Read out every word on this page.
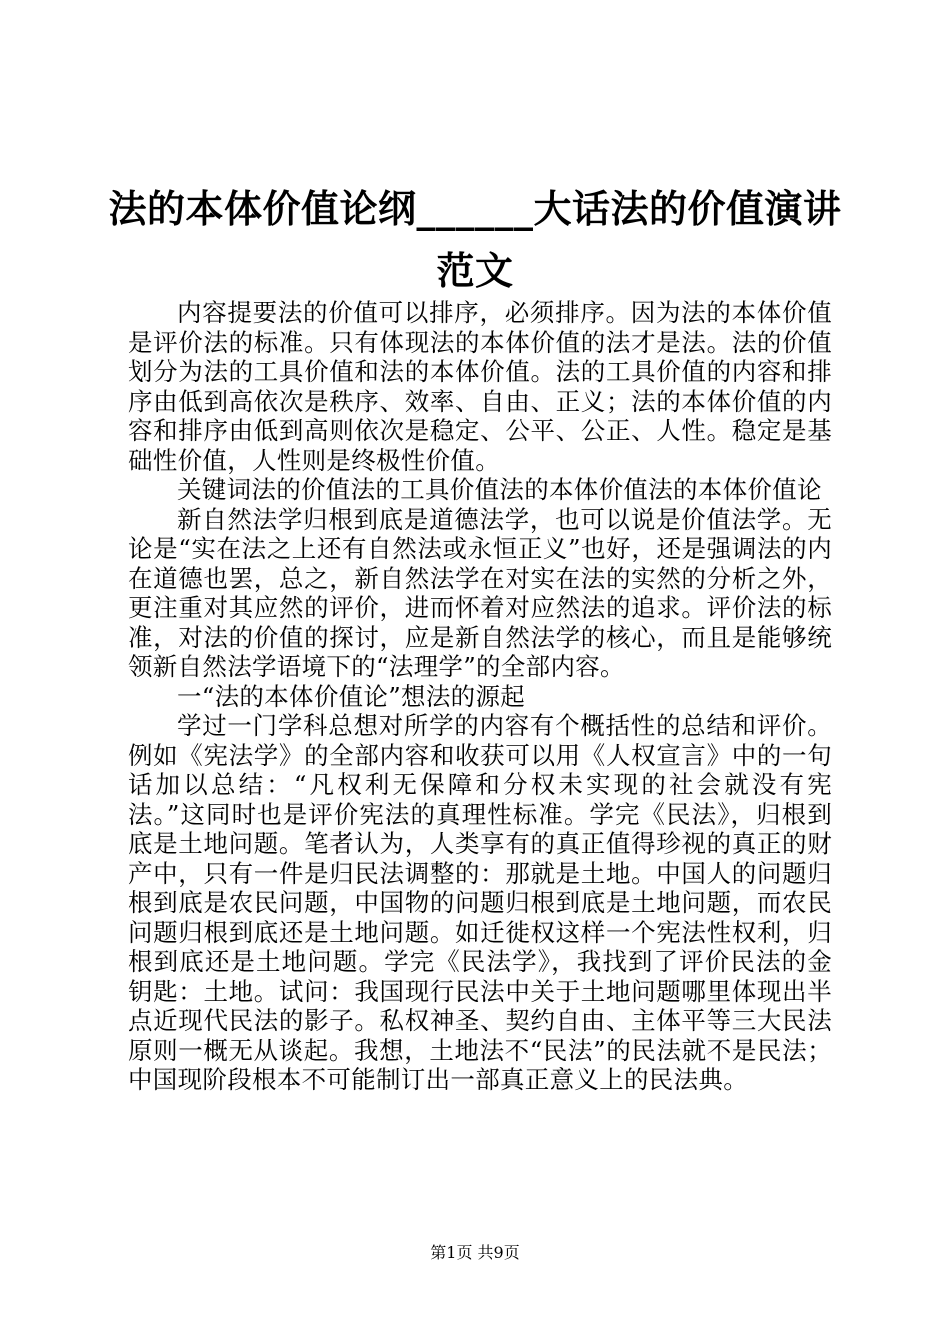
法的本体价值论纲______大话法的价值演讲范文

内容提要法的价值可以排序，必须排序。因为法的本体价值是评价法的标准。只有体现法的本体价值的法才是法。法的价值划分为法的工具价值和法的本体价值。法的工具价值的内容和排序由低到高依次是秩序、效率、自由、正义；法的本体价值的内容和排序由低到高则依次是稳定、公平、公正、人性。稳定是基础性价值，人性则是终极性价值。

关键词法的价值法的工具价值法的本体价值法的本体价值论

新自然法学归根到底是道德法学，也可以说是价值法学。无论是“实在法之上还有自然法或永恒正义”也好，还是强调法的内在道德也罢，总之，新自然法学在对实在法的实然的分析之外，更注重对其应然的评价，进而怀着对应然法的追求。评价法的标准，对法的价值的探讨，应是新自然法学的核心，而且是能够统领新自然法学语境下的“法理学”的全部内容。

一“法的本体价值论”想法的源起

学过一门学科总想对所学的内容有个概括性的总结和评价。例如《宪法学》的全部内容和收获可以用《人权宣言》中的一句话加以总结：“凡权利无保障和分权未实现的社会就没有宪法。”这同时也是评价宪法的真理性标准。学完《民法》，归根到底是土地问题。笔者认为，人类享有的真正值得珍视的真正的财产中，只有一件是归民法调整的：那就是土地。中国人的问题归根到底是农民问题，中国物的问题归根到底是土地问题，而农民问题归根到底还是土地问题。如迁徙权这样一个宪法性权利，归根到底还是土地问题。学完《民法学》，我找到了评价民法的金钥匙：土地。试问：我国现行民法中关于土地问题哪里体现出半点近现代民法的影子。私权神圣、契约自由、主体平等三大民法原则一概无从谈起。我想，土地法不“民法”的民法就不是民法；中国现阶段根本不可能制订出一部真正意义上的民法典。

第1页 共9页
